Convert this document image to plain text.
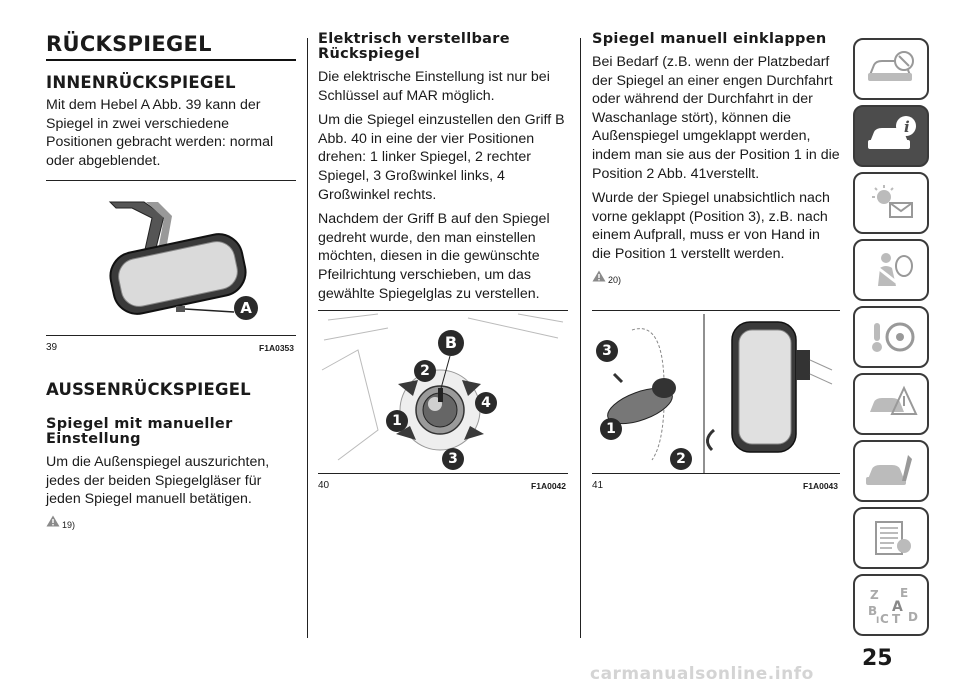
RÜCKSPIEGEL
INNENRÜCKSPIEGEL

Mit dem Hebel A Abb. 39 kann der Spiegel in zwei verschiedene Positionen gebracht werden: normal oder abgeblendet.

A
39	F1A0353
AUSSENRÜCKSPIEGEL
Spiegel mit manueller Einstellung

Um die Außenspiegel auszurichten, jedes der beiden Spiegelgläser für jeden Spiegel manuell betätigen.

19)
Elektrisch verstellbare Rückspiegel

Die elektrische Einstellung ist nur bei Schlüssel auf MAR möglich.

Um die Spiegel einzustellen den Griff B Abb. 40 in eine der vier Positionen drehen: 1 linker Spiegel, 2 rechter Spiegel, 3 Großwinkel links, 4 Großwinkel rechts.

Nachdem der Griff B auf den Spiegel gedreht wurde, den man einstellen möchten, diesen in die gewünschte Pfeilrichtung verschieben, um das gewählte Spiegelglas zu verstellen.

B
2
4
1
3
40	F1A0042
Spiegel manuell einklappen

Bei Bedarf (z.B. wenn der Platzbedarf der Spiegel an einer engen Durchfahrt oder während der Durchfahrt in der Waschanlage stört), können die Außenspiegel umgeklappt werden, indem man sie aus der Position 1 in die Position 2 Abb. 41verstellt.

Wurde der Spiegel unabsichtlich nach vorne geklappt (Position 3), z.B. nach einem Aufprall, muss er von Hand in die Position 1 verstellt werden.

20)
3
1
2
41	F1A0043
i
Z E
A
B
C D
I T
25
carmanualsonline.info
